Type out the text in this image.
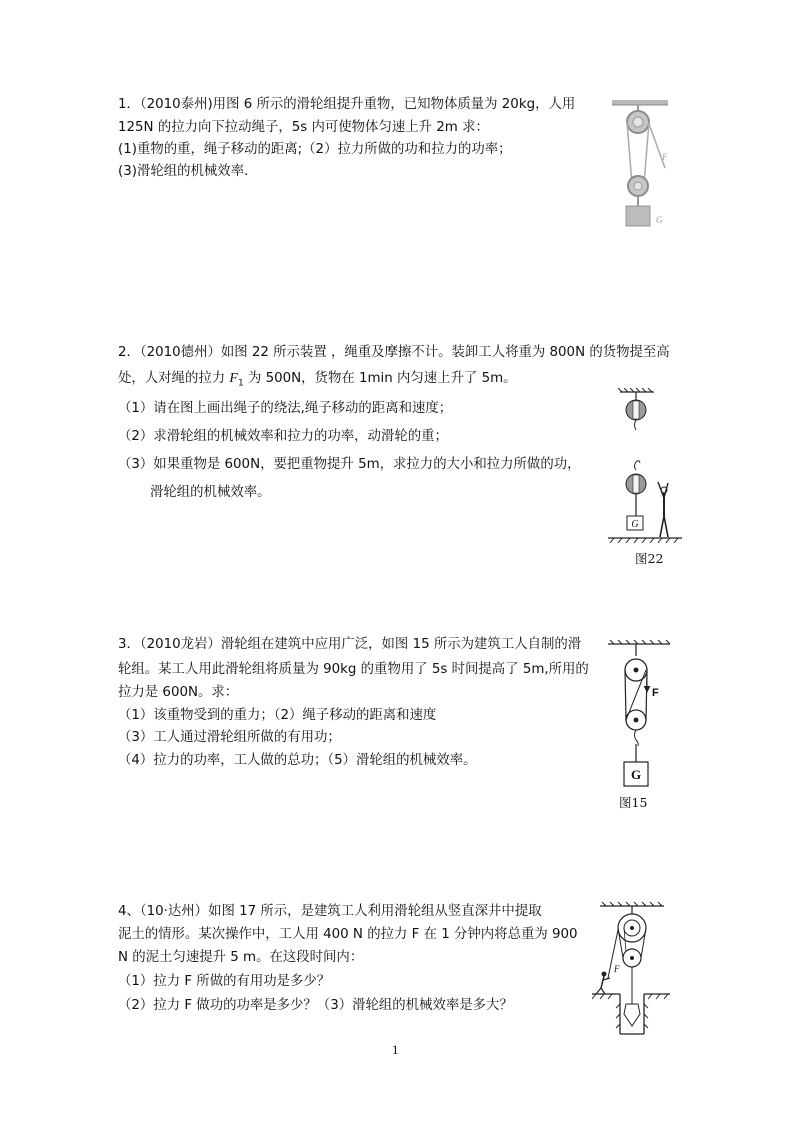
1．（2010泰州)用图 6 所示的滑轮组提升重物，已知物体质量为 20kg，人用
125N 的拉力向下拉动绳子，5s 内可使物体匀速上升 2m 求：
(1)重物的重，绳子移动的距离;（2）拉力所做的功和拉力的功率；
(3)滑轮组的机械效率．
F
G
2．（2010德州）如图 22 所示装置 ，绳重及摩擦不计。装卸工人将重为 800N 的货物提至高
处，人对绳的拉力 $F_1$ 为 500N，货物在 1min 内匀速上升了 5m。
（1）请在图上画出绳子的绕法,绳子移动的距离和速度；
（2）求滑轮组的机械效率和拉力的功率，动滑轮的重；
（3）如果重物是 600N，要把重物提升 5m，求拉力的大小和拉力所做的功，
滑轮组的机械效率。
G
图22
3．（2010龙岩）滑轮组在建筑中应用广泛，如图 15 所示为建筑工人自制的滑
轮组。某工人用此滑轮组将质量为 90kg 的重物用了 5s 时间提高了 5m,所用的
拉力是 600N。求：
（1）该重物受到的重力；（2）绳子移动的距离和速度
（3）工人通过滑轮组所做的有用功；
（4）拉力的功率，工人做的总功；（5）滑轮组的机械效率。
F
G
图15
4、（10·达州）如图 17 所示，是建筑工人利用滑轮组从竖直深井中提取
泥土的情形。某次操作中，工人用 400 N 的拉力 F 在 1 分钟内将总重为 900
N 的泥土匀速提升 5 m。在这段时间内：
（1）拉力 F 所做的有用功是多少？
（2）拉力 F 做功的功率是多少？（3）滑轮组的机械效率是多大？
F
1
